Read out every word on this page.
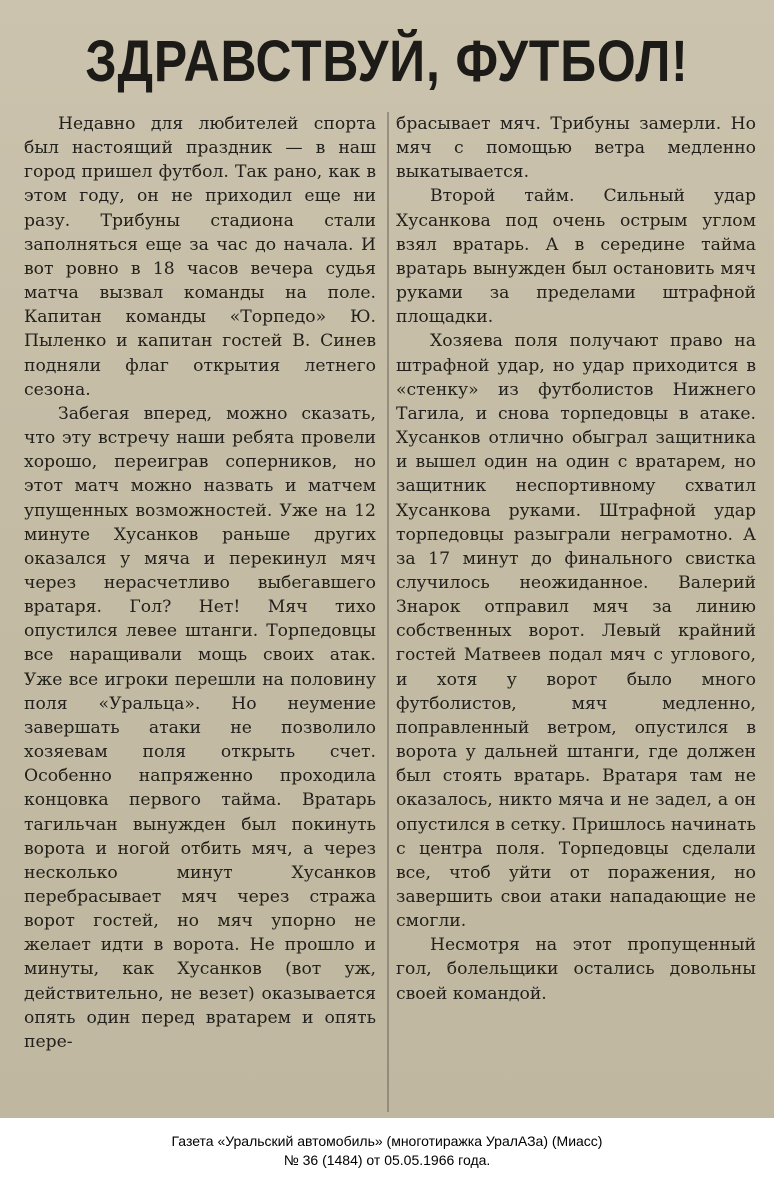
ЗДРАВСТВУЙ, ФУТБОЛ!

Недавно для любителей спорта был настоящий праздник — в наш город пришел футбол. Так рано, как в этом году, он не приходил еще ни разу. Трибуны стадиона стали заполняться еще за час до начала. И вот ровно в 18 часов вечера судья матча вызвал команды на поле. Капитан команды «Торпедо» Ю. Пыленко и капитан гостей В. Синев подняли флаг открытия летнего сезона.

Забегая вперед, можно сказать, что эту встречу наши ребята провели хорошо, переиграв соперников, но этот матч можно назвать и матчем упущенных возможностей. Уже на 12 минуте Хусанков раньше других оказался у мяча и перекинул мяч через нерасчетливо выбегавшего вратаря. Гол? Нет! Мяч тихо опустился левее штанги. Торпедовцы все наращивали мощь своих атак. Уже все игроки перешли на половину поля «Уральца». Но неумение завершать атаки не позволило хозяевам поля открыть счет. Особенно напряженно проходила концовка первого тайма. Вратарь тагильчан вынужден был покинуть ворота и ногой отбить мяч, а через несколько минут Хусанков перебрасывает мяч через стража ворот гостей, но мяч упорно не желает идти в ворота. Не прошло и минуты, как Хусанков (вот уж, действительно, не везет) оказывается опять один перед вратарем и опять пере-

брасывает мяч. Трибуны замерли. Но мяч с помощью ветра медленно выкатывается.

Второй тайм. Сильный удар Хусанкова под очень острым углом взял вратарь. А в середине тайма вратарь вынужден был остановить мяч руками за пределами штрафной площадки.

Хозяева поля получают право на штрафной удар, но удар приходится в «стенку» из футболистов Нижнего Тагила, и снова торпедовцы в атаке. Хусанков отлично обыграл защитника и вышел один на один с вратарем, но защитник неспортивному схватил Хусанкова руками. Штрафной удар торпедовцы разыграли неграмотно. А за 17 минут до финального свистка случилось неожиданное. Валерий Знарок отправил мяч за линию собственных ворот. Левый крайний гостей Матвеев подал мяч с углового, и хотя у ворот было много футболистов, мяч медленно, поправленный ветром, опустился в ворота у дальней штанги, где должен был стоять вратарь. Вратаря там не оказалось, никто мяча и не задел, а он опустился в сетку. Пришлось начинать с центра поля. Торпедовцы сделали все, чтоб уйти от поражения, но завершить свои атаки нападающие не смогли.

Несмотря на этот пропущенный гол, болельщики остались довольны своей командой.

Газета «Уральский автомобиль» (многотиражка УралАЗа) (Миасс)
№ 36 (1484) от 05.05.1966 года.
